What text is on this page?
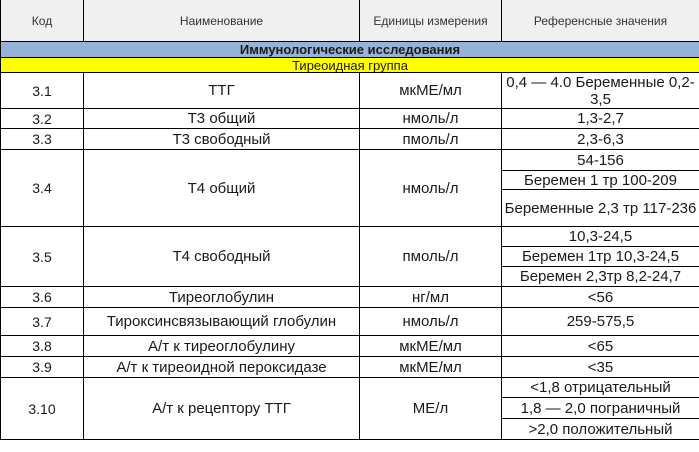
Код	Наименование	Единицы измерения	Референсные значения
Иммунологические исследования			
Тиреоидная группа			
3.1	ТТГ	мкМЕ/мл	0,4 — 4.0 Беременные 0,2-3,5
3.2	Т3 общий	нмоль/л	1,3-2,7
3.3	Т3 свободный	пмоль/л	2,3-6,3
3.4	Т4 общий	нмоль/л	54-156
			Беремен 1 тр 100-209
			Беременные 2,3 тр 117-236
3.5	Т4 свободный	пмоль/л	10,3-24,5
			Беремен 1тр 10,3-24,5
			Беремен 2,3тр 8,2-24,7
3.6	Тиреоглобулин	нг/мл	<56
3.7	Тироксинсвязывающий глобулин	нмоль/л	259-575,5
3.8	А/т к тиреоглобулину	мкМЕ/мл	<65
3.9	А/т к тиреоидной пероксидазе	мкМЕ/мл	<35
3.10	А/т к рецептору ТТГ	МЕ/л	<1,8 отрицательный
			1,8 — 2,0 пограничный
			>2,0 положительный
